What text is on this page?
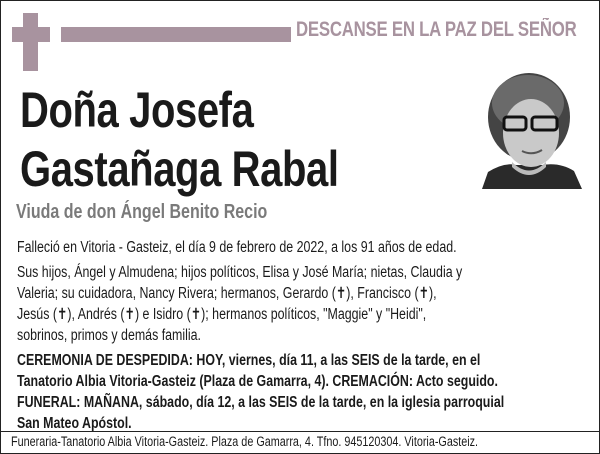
DESCANSE EN LA PAZ DEL SEÑOR
Doña Josefa
Gastañaga Rabal
Viuda de don Ángel Benito Recio
Falleció en Vitoria - Gasteiz, el día 9 de febrero de 2022, a los 91 años de edad.
Sus hijos, Ángel y Almudena; hijos políticos, Elisa y José María; nietas, Claudia y
Valeria; su cuidadora, Nancy Rivera; hermanos, Gerardo (✝), Francisco (✝),
Jesús (✝), Andrés (✝) e Isidro (✝); hermanos políticos, "Maggie" y "Heidi",
sobrinos, primos y demás familia.
CEREMONIA DE DESPEDIDA: HOY, viernes, día 11, a las SEIS de la tarde, en el
Tanatorio Albia Vitoria-Gasteiz (Plaza de Gamarra, 4). CREMACIÓN: Acto seguido.
FUNERAL: MAÑANA, sábado, día 12, a las SEIS de la tarde, en la iglesia parroquial
San Mateo Apóstol.
Funeraria-Tanatorio Albia Vitoria-Gasteiz. Plaza de Gamarra, 4. Tfno. 945120304. Vitoria-Gasteiz.
